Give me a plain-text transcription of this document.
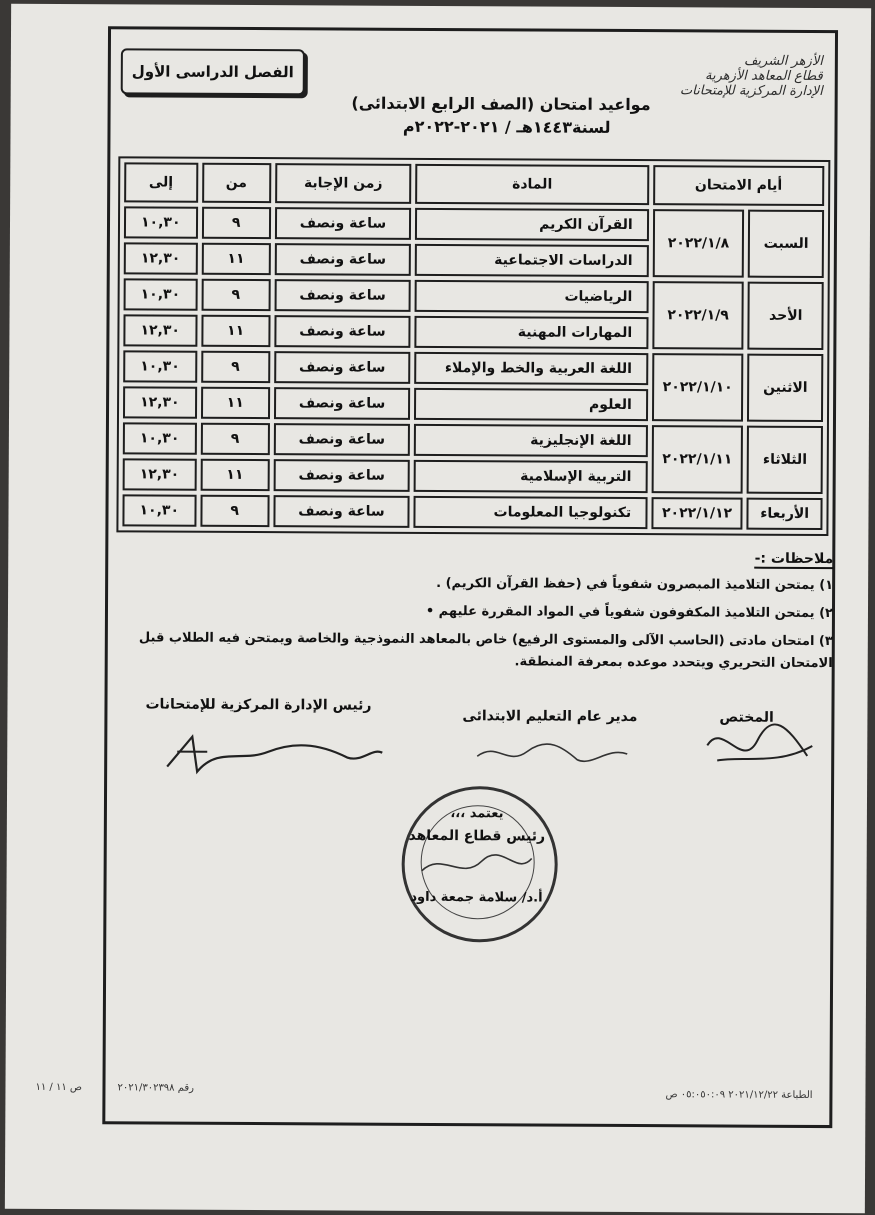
الفصل الدراسى الأول
الأزهر الشريف
قطاع المعاهد الأزهرية
الإدارة المركزية للإمتحانات
مواعيد امتحان (الصف الرابع الابتدائى)
لسنة١٤٤٣هـ / ٢٠٢١-٢٠٢٢م
أيام الامتحان		المادة	زمن الإجابة	من	إلى
السبت	٢٠٢٢/١/٨	القرآن الكريم	ساعة ونصف	٩	١٠,٣٠
		الدراسات الاجتماعية	ساعة ونصف	١١	١٢,٣٠
الأحد	٢٠٢٢/١/٩	الرياضيات	ساعة ونصف	٩	١٠,٣٠
		المهارات المهنية	ساعة ونصف	١١	١٢,٣٠
الاثنين	٢٠٢٢/١/١٠	اللغة العربية والخط والإملاء	ساعة ونصف	٩	١٠,٣٠
		العلوم	ساعة ونصف	١١	١٢,٣٠
الثلاثاء	٢٠٢٢/١/١١	اللغة الإنجليزية	ساعة ونصف	٩	١٠,٣٠
		التربية الإسلامية	ساعة ونصف	١١	١٢,٣٠
الأربعاء	٢٠٢٢/١/١٢	تكنولوجيا المعلومات	ساعة ونصف	٩	١٠,٣٠
ملاحظات :-
١) يمتحن التلاميذ المبصرون شفوياً في (حفظ القرآن الكريم) .
٢) يمتحن التلاميذ المكفوفون شفوياً في المواد المقررة عليهم •
٣) امتحان مادتى (الحاسب الآلى والمستوى الرفيع) خاص بالمعاهد النموذجية والخاصة ويمتحن فيه الطلاب قبل الامتحان التحريري ويتحدد موعده بمعرفة المنطقة.
المختص
مدير عام التعليم الابتدائى
رئيس الإدارة المركزية للإمتحانات
يعتمد ،،،
رئيس قطاع المعاهد
أ.د/ سلامة جمعة داود
الطباعة ٢٠٢١/١٢/٢٢ ٠٥:٠٥٠:٠٩ ص
رقم ٢٠٢١/٣٠٢٣٩٨
ص ١١ / ١١
